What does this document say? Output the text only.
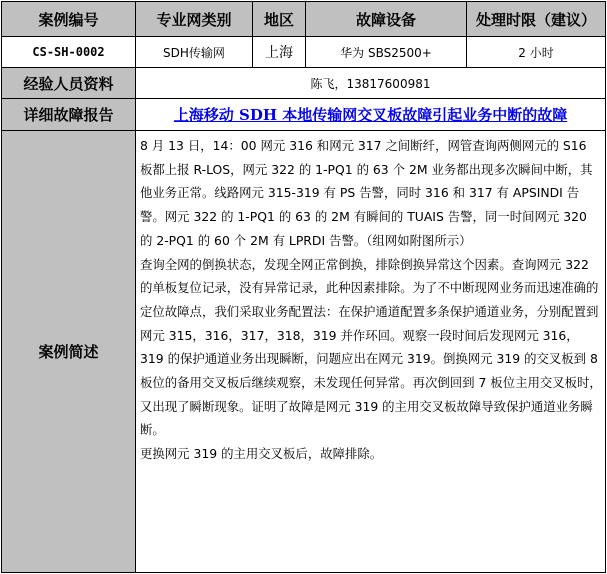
案例编号	专业网类别	地区	故障设备	处理时限（建议）
CS-SH-0002	SDH传输网	上海	华为 SBS2500+	2 小时
经验人员资料	陈飞，13817600981			
详细故障报告	上海移动 SDH 本地传输网交叉板故障引起业务中断的故障			
案例简述	8 月 13 日，14：00 网元 316 和网元 317 之间断纤，网管查询两侧网元的 S16 板都上报 R-LOS，网元 322 的 1-PQ1 的 63 个 2M 业务都出现多次瞬间中断，其他业务正常。线路网元 315-319 有 PS 告警，同时 316 和 317 有 APSINDI 告警。网元 322 的 1-PQ1 的 63 的 2M 有瞬间的 TUAIS 告警，同一时间网元 320 的 2-PQ1 的 60 个 2M 有 LPRDI 告警。（组网如附图所示）

查询全网的倒换状态，发现全网正常倒换，排除倒换异常这个因素。查询网元 322 的单板复位记录，没有异常记录，此种因素排除。为了不中断现网业务而迅速准确的定位故障点，我们采取业务配置法：在保护通道配置多条保护通道业务，分别配置到网元 315，316，317，318，319 并作环回。观察一段时间后发现网元 316，319 的保护通道业务出现瞬断，问题应出在网元 319。倒换网元 319 的交叉板到 8 板位的备用交叉板后继续观察，未发现任何异常。再次倒回到 7 板位主用交叉板时，又出现了瞬断现象。证明了故障是网元 319 的主用交叉板故障导致保护通道业务瞬断。

更换网元 319 的主用交叉板后，故障排除。			
